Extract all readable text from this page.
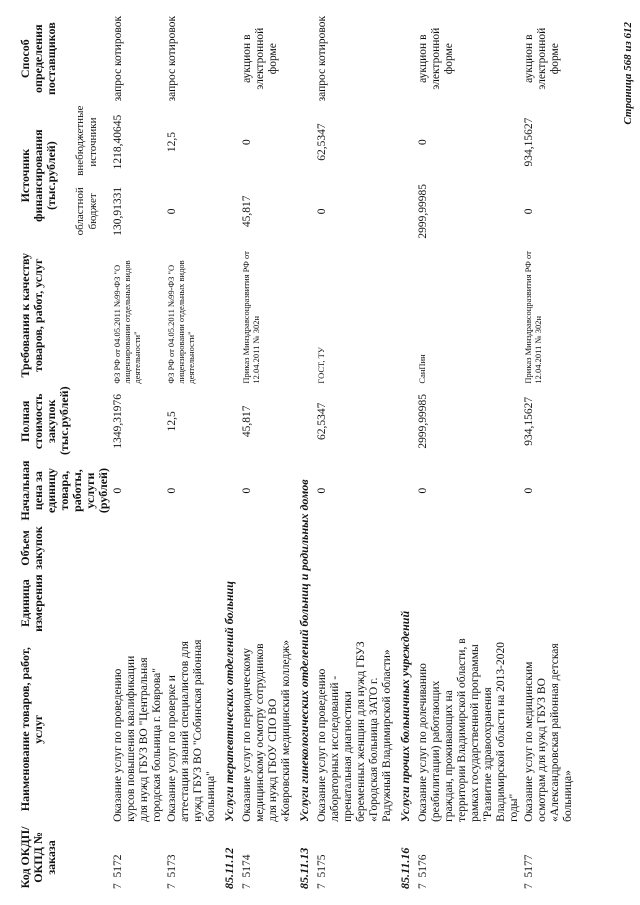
Код ОКДП/ ОКПД № заказа	Наименование товаров, работ, услуг	Единица измерения	Объем закупок	Начальная цена за единицу товара, работы, услуги (рублей)	Полная стоимость закупок (тыс.рублей)	Требования к качеству товаров, работ, услуг	Источник финансирования (тыс.рублей)		Способ определения поставщиков
							областной бюджет	внебюджетные источники	
7  5172	Оказание услуг по проведению курсов повышения квалификации для нужд ГБУЗ ВО "Центральная городская больница г. Коврова"			0	1349,31976	ФЗ РФ от 04.05.2011 №99-ФЗ "О лицензировании отдельных видов деятельности"	130,91331	1218,40645	запрос котировок
7  5173	Оказание услуг по проверке и аттестации знаний специалистов для нужд ГБУЗ ВО "Собинская районная больница"			0	12,5	ФЗ РФ от 04.05.2011 №99-ФЗ "О лицензировании отдельных видов деятельности"	0	12,5	запрос котировок
85.11.12	Услуги терапевтических отделений больниц								
7  5174	Оказание услуг по периодическому медицинскому осмотру сотрудников для нужд ГБОУ СПО ВО «Ковровский медицинский колледж»			0	45,817	Приказ Минздравсоцразвития РФ от 12.04.2011 № 302н	45,817	0	аукцион в электронной форме
85.11.13	Услуги гинекологических отделений больниц и родильных домов								
7  5175	Оказание услуг по проведению лабораторных исследований - пренатальная диагностики беременных женщин для нужд ГБУЗ «Городская больница ЗАТО г. Радужный Владимирской области»			0	62,5347	ГОСТ, ТУ	0	62,5347	запрос котировок
85.11.16	Услуги прочих больничных учреждений								
7  5176	Оказание услуг по долечиванию (реабилитации) работающих граждан, проживающих на территории Владимирской области, в рамках государственной программы "Развитие здравоохранения Владимирской области на 2013-2020 годы"			0	2999,99985	СанПин	2999,99985	0	аукцион в электронной форме
7  5177	Оказание услуг по медицинским осмотрам для нужд ГБУЗ ВО «Александровская районная детская больница»			0	934,15627	Приказ Минздравсоцразвития РФ от 12.04.2011 № 302н	0	934,15627	аукцион в электронной форме	Страница 568 из 612
